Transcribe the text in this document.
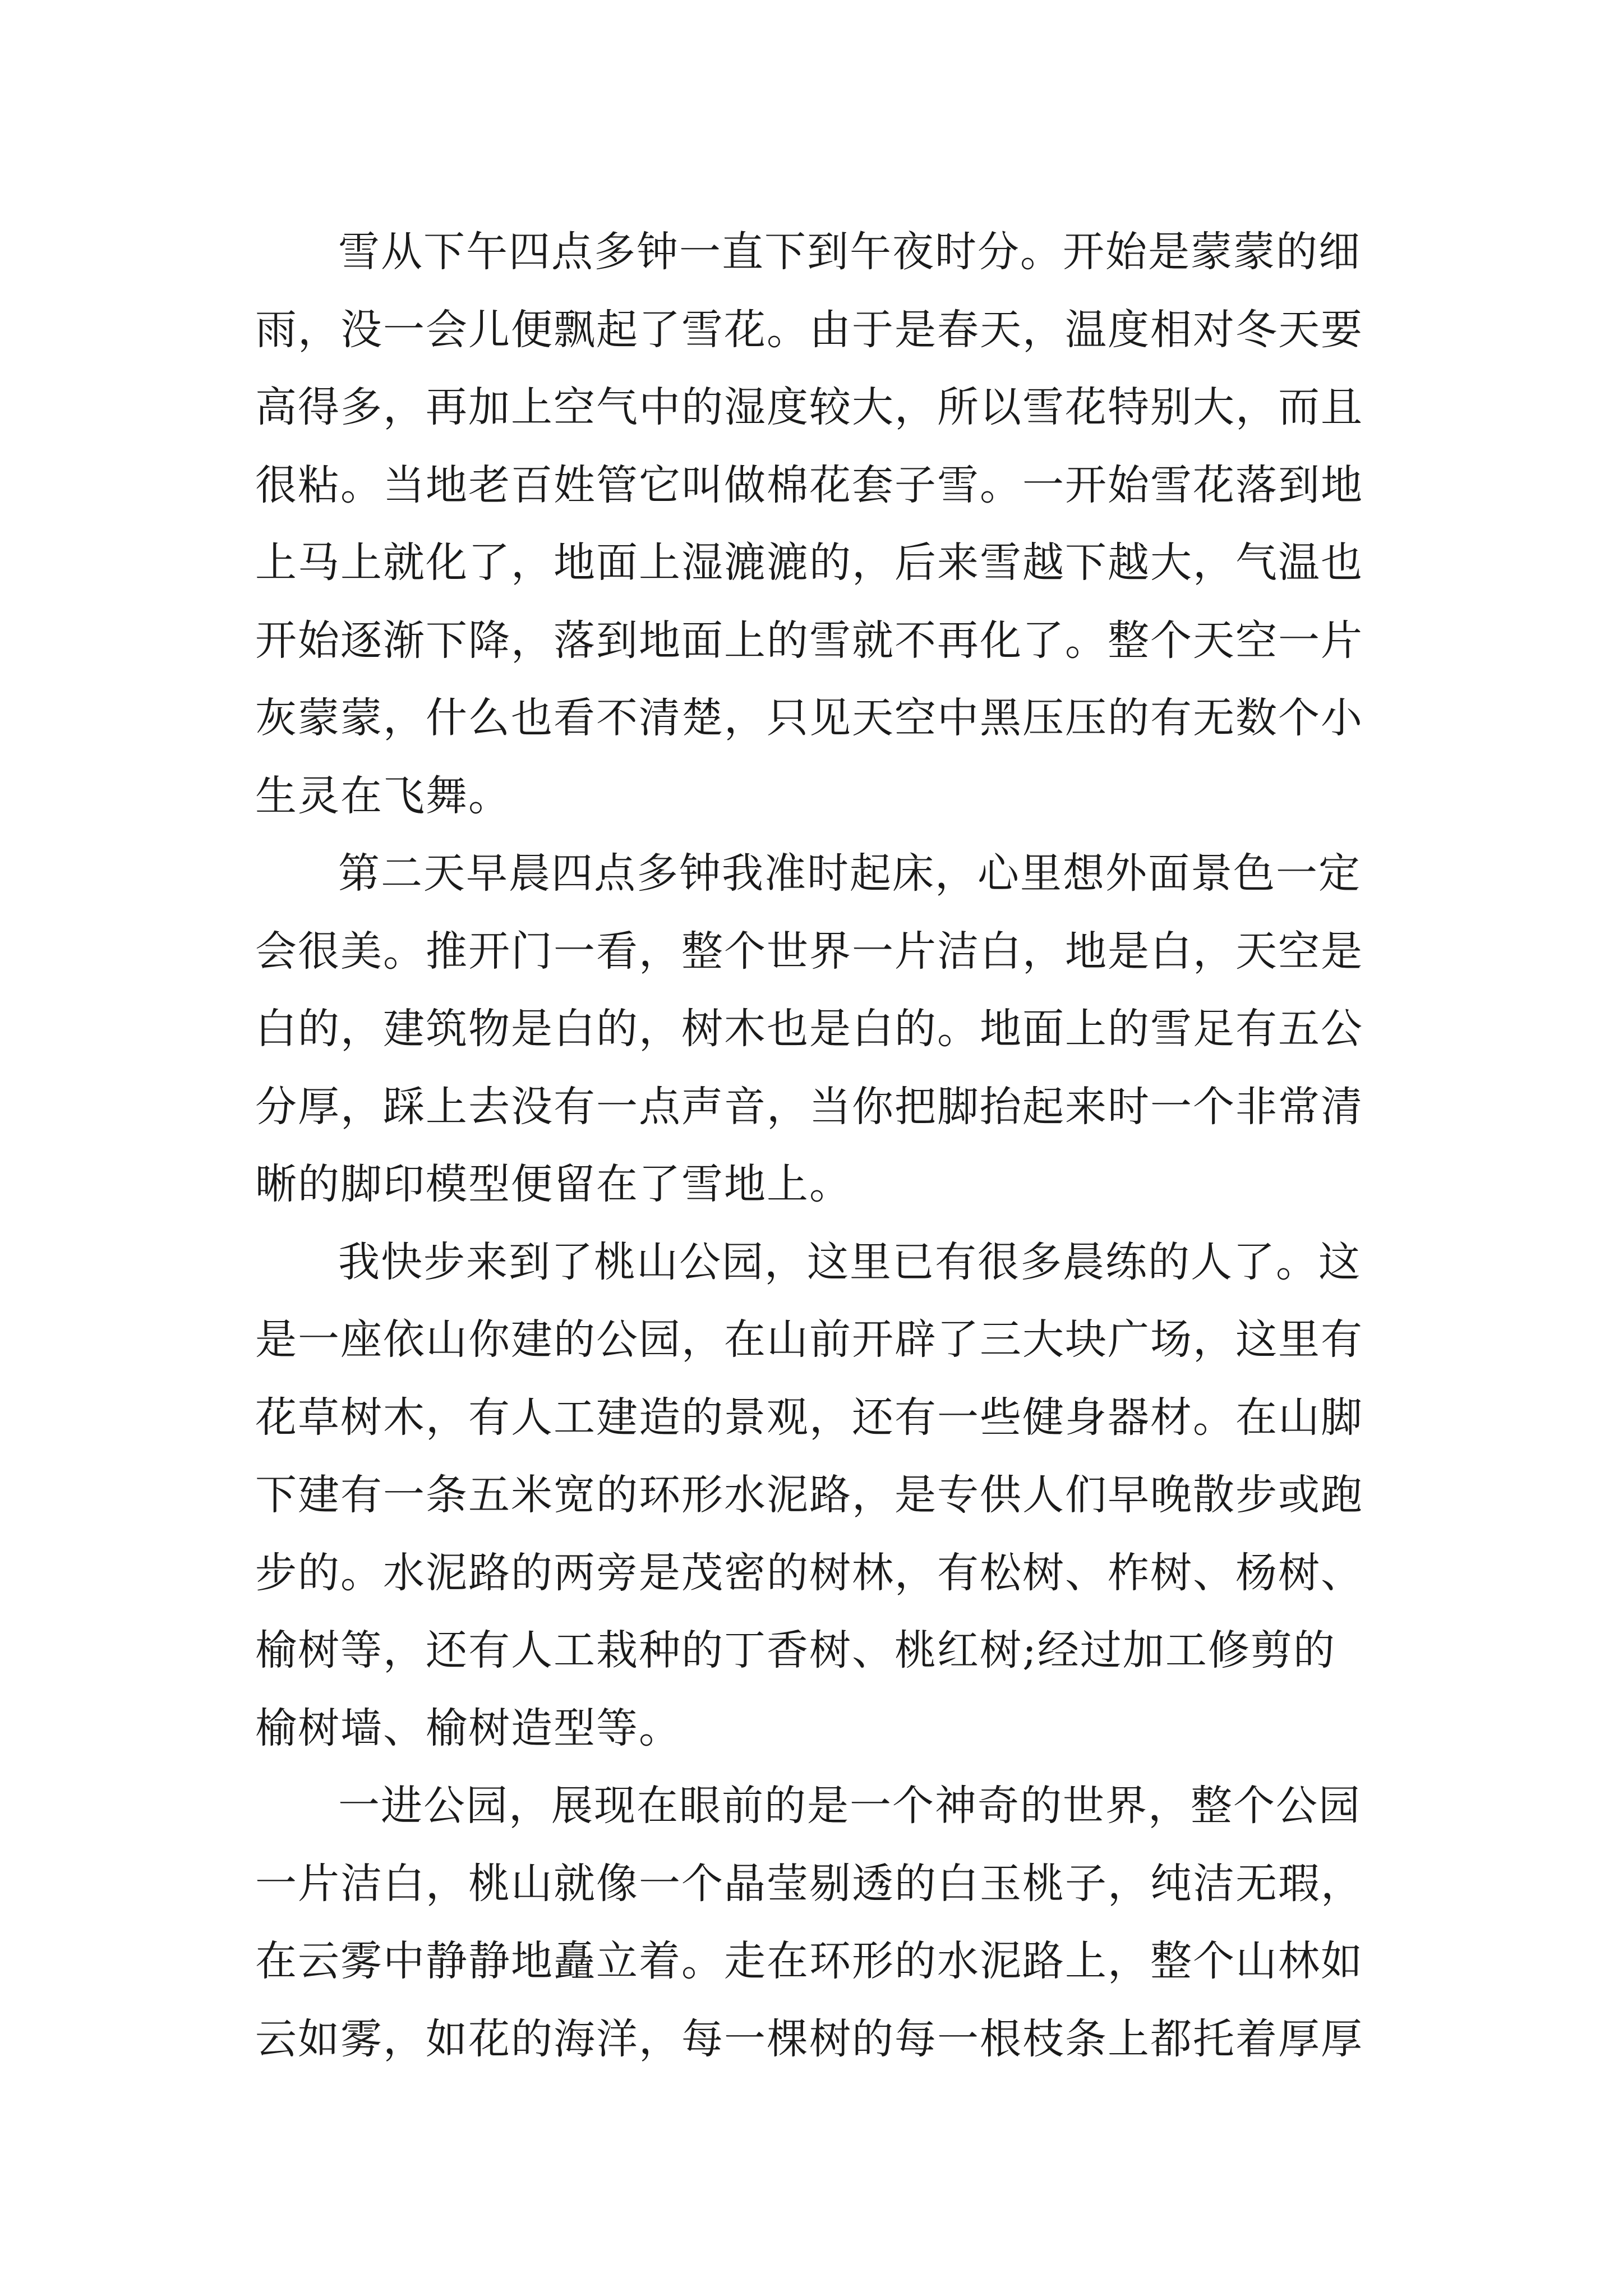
雪从下午四点多钟一直下到午夜时分。开始是蒙蒙的细
雨，没一会儿便飘起了雪花。由于是春天，温度相对冬天要
高得多，再加上空气中的湿度较大，所以雪花特别大，而且
很粘。当地老百姓管它叫做棉花套子雪。一开始雪花落到地
上马上就化了，地面上湿漉漉的，后来雪越下越大，气温也
开始逐渐下降，落到地面上的雪就不再化了。整个天空一片
灰蒙蒙，什么也看不清楚，只见天空中黑压压的有无数个小
生灵在飞舞。
第二天早晨四点多钟我准时起床，心里想外面景色一定
会很美。推开门一看，整个世界一片洁白，地是白，天空是
白的，建筑物是白的，树木也是白的。地面上的雪足有五公
分厚，踩上去没有一点声音，当你把脚抬起来时一个非常清
晰的脚印模型便留在了雪地上。
我快步来到了桃山公园，这里已有很多晨练的人了。这
是一座依山你建的公园，在山前开辟了三大块广场，这里有
花草树木，有人工建造的景观，还有一些健身器材。在山脚
下建有一条五米宽的环形水泥路，是专供人们早晚散步或跑
步的。水泥路的两旁是茂密的树林，有松树、柞树、杨树、
榆树等，还有人工栽种的丁香树、桃红树;经过加工修剪的
榆树墙、榆树造型等。
一进公园，展现在眼前的是一个神奇的世界，整个公园
一片洁白，桃山就像一个晶莹剔透的白玉桃子，纯洁无瑕，
在云雾中静静地矗立着。走在环形的水泥路上，整个山林如
云如雾，如花的海洋，每一棵树的每一根枝条上都托着厚厚
